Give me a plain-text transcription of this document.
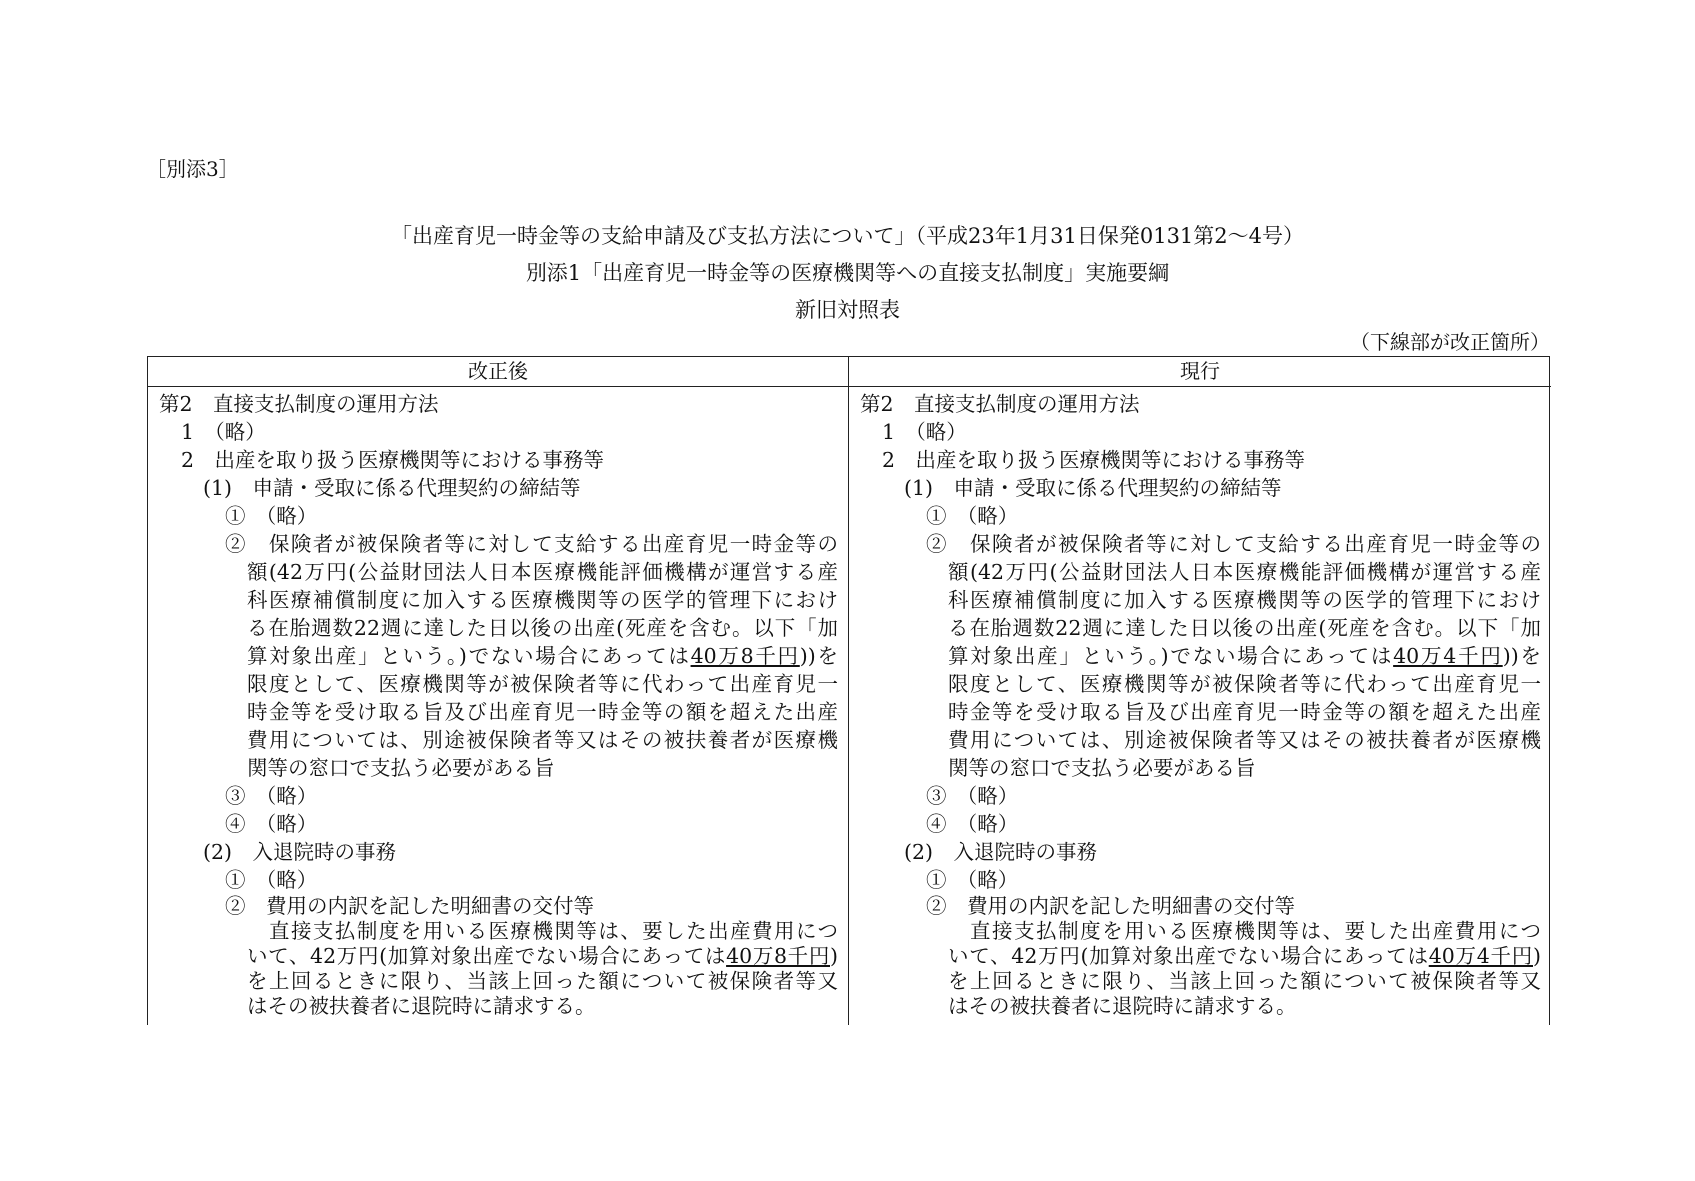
［別添3］
「出産育児一時金等の支給申請及び支払方法について」（平成23年1月31日保発0131第2～4号）
別添1「出産育児一時金等の医療機関等への直接支払制度」実施要綱
新旧対照表
（下線部が改正箇所）
改正後
第2　直接支払制度の運用方法
1　（略）
2　出産を取り扱う医療機関等における事務等
(1)　申請・受取に係る代理契約の締結等
①　（略）
②　保険者が被保険者等に対して支給する出産育児一時金等の
額(42万円(公益財団法人日本医療機能評価機構が運営する産
科医療補償制度に加入する医療機関等の医学的管理下におけ
る在胎週数22週に達した日以後の出産(死産を含む。以下「加
算対象出産」という。)でない場合にあっては40万8千円))を
限度として、医療機関等が被保険者等に代わって出産育児一
時金等を受け取る旨及び出産育児一時金等の額を超えた出産
費用については、別途被保険者等又はその被扶養者が医療機
関等の窓口で支払う必要がある旨
③　（略）
④　（略）
(2)　入退院時の事務
①　（略）
②　費用の内訳を記した明細書の交付等
直接支払制度を用いる医療機関等は、要した出産費用につ
いて、42万円(加算対象出産でない場合にあっては40万8千円)
を上回るときに限り、当該上回った額について被保険者等又
はその被扶養者に退院時に請求する。
現行
第2　直接支払制度の運用方法
1　（略）
2　出産を取り扱う医療機関等における事務等
(1)　申請・受取に係る代理契約の締結等
①　（略）
②　保険者が被保険者等に対して支給する出産育児一時金等の
額(42万円(公益財団法人日本医療機能評価機構が運営する産
科医療補償制度に加入する医療機関等の医学的管理下におけ
る在胎週数22週に達した日以後の出産(死産を含む。以下「加
算対象出産」という。)でない場合にあっては40万4千円))を
限度として、医療機関等が被保険者等に代わって出産育児一
時金等を受け取る旨及び出産育児一時金等の額を超えた出産
費用については、別途被保険者等又はその被扶養者が医療機
関等の窓口で支払う必要がある旨
③　（略）
④　（略）
(2)　入退院時の事務
①　（略）
②　費用の内訳を記した明細書の交付等
直接支払制度を用いる医療機関等は、要した出産費用につ
いて、42万円(加算対象出産でない場合にあっては40万4千円)
を上回るときに限り、当該上回った額について被保険者等又
はその被扶養者に退院時に請求する。
